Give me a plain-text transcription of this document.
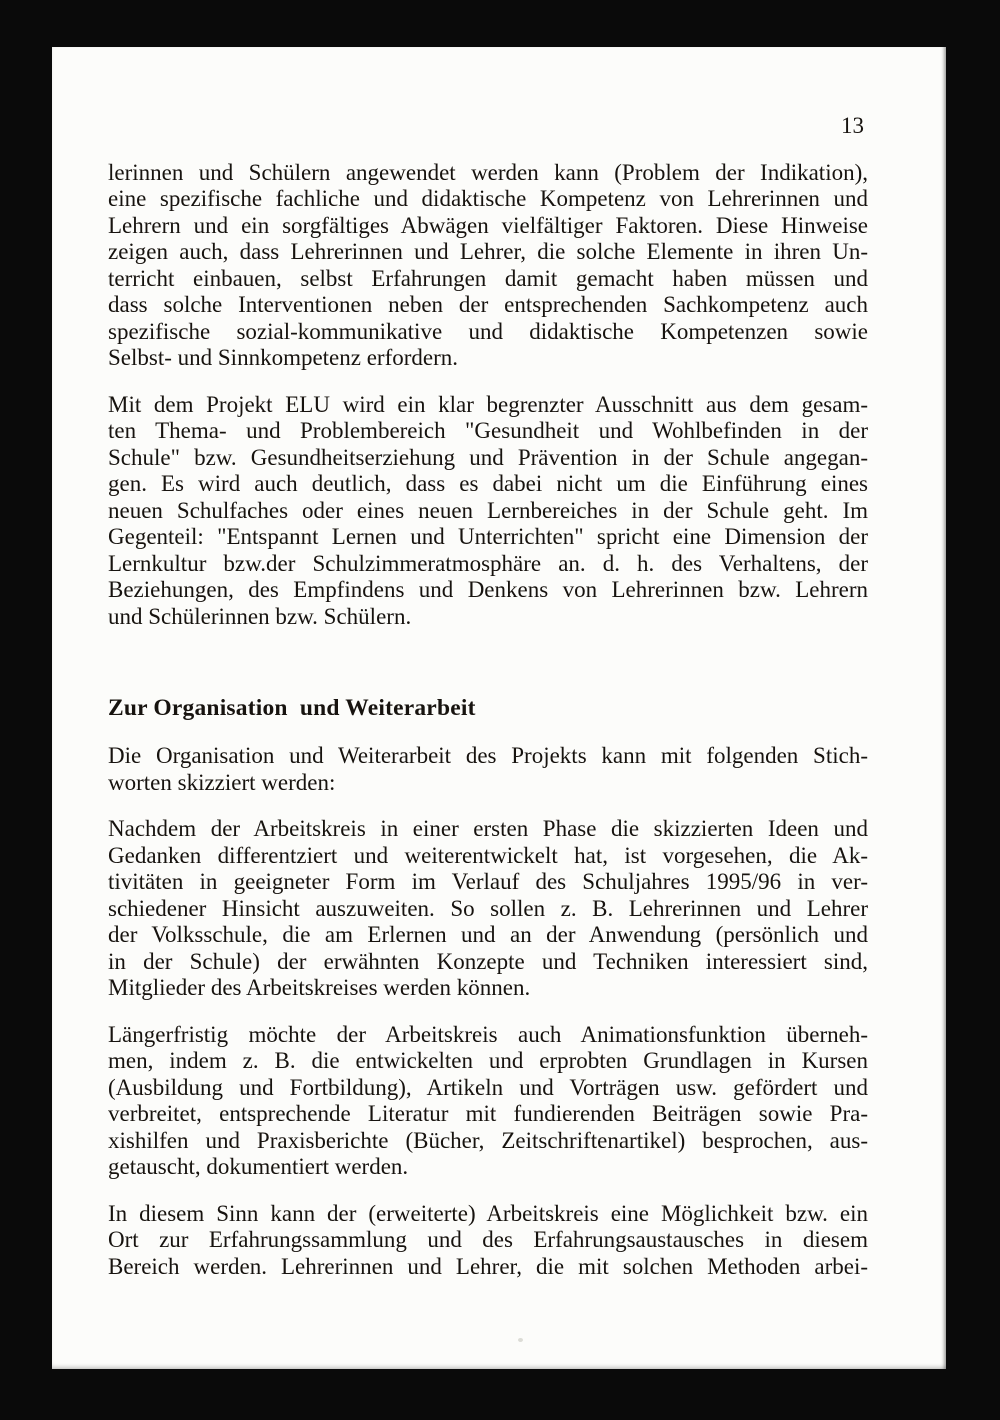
13
lerinnen und Schülern angewendet werden kann (Problem der Indikation),
eine spezifische fachliche und didaktische Kompetenz von Lehrerinnen und
Lehrern und ein sorgfältiges Abwägen vielfältiger Faktoren. Diese Hinweise
zeigen auch, dass Lehrerinnen und Lehrer, die solche Elemente in ihren Un-
terricht einbauen, selbst Erfahrungen damit gemacht haben müssen und
dass solche Interventionen neben der entsprechenden Sachkompetenz auch
spezifische sozial-kommunikative und didaktische Kompetenzen sowie
Selbst- und Sinnkompetenz erfordern.
Mit dem Projekt ELU wird ein klar begrenzter Ausschnitt aus dem gesam-
ten Thema- und Problembereich "Gesundheit und Wohlbefinden in der
Schule" bzw. Gesundheitserziehung und Prävention in der Schule angegan-
gen. Es wird auch deutlich, dass es dabei nicht um die Einführung eines
neuen Schulfaches oder eines neuen Lernbereiches in der Schule geht. Im
Gegenteil: "Entspannt Lernen und Unterrichten" spricht eine Dimension der
Lernkultur bzw.der Schulzimmeratmosphäre an. d. h. des Verhaltens, der
Beziehungen, des Empfindens und Denkens von Lehrerinnen bzw. Lehrern
und Schülerinnen bzw. Schülern.
Zur Organisation  und Weiterarbeit
Die Organisation und Weiterarbeit des Projekts kann mit folgenden Stich-
worten skizziert werden:
Nachdem der Arbeitskreis in einer ersten Phase die skizzierten Ideen und
Gedanken differentziert und weiterentwickelt hat, ist vorgesehen, die Ak-
tivitäten in geeigneter Form im Verlauf des Schuljahres 1995/96 in ver-
schiedener Hinsicht auszuweiten. So sollen z. B. Lehrerinnen und Lehrer
der Volksschule, die am Erlernen und an der Anwendung (persönlich und
in der Schule) der erwähnten Konzepte und Techniken interessiert sind,
Mitglieder des Arbeitskreises werden können.
Längerfristig möchte der Arbeitskreis auch Animationsfunktion überneh-
men, indem z. B. die entwickelten und erprobten Grundlagen in Kursen
(Ausbildung und Fortbildung), Artikeln und Vorträgen usw. gefördert und
verbreitet, entsprechende Literatur mit fundierenden Beiträgen sowie Pra-
xishilfen und Praxisberichte (Bücher, Zeitschriftenartikel) besprochen, aus-
getauscht, dokumentiert werden.
In diesem Sinn kann der (erweiterte) Arbeitskreis eine Möglichkeit bzw. ein
Ort zur Erfahrungssammlung und des Erfahrungsaustausches in diesem
Bereich werden. Lehrerinnen und Lehrer, die mit solchen Methoden arbei-
